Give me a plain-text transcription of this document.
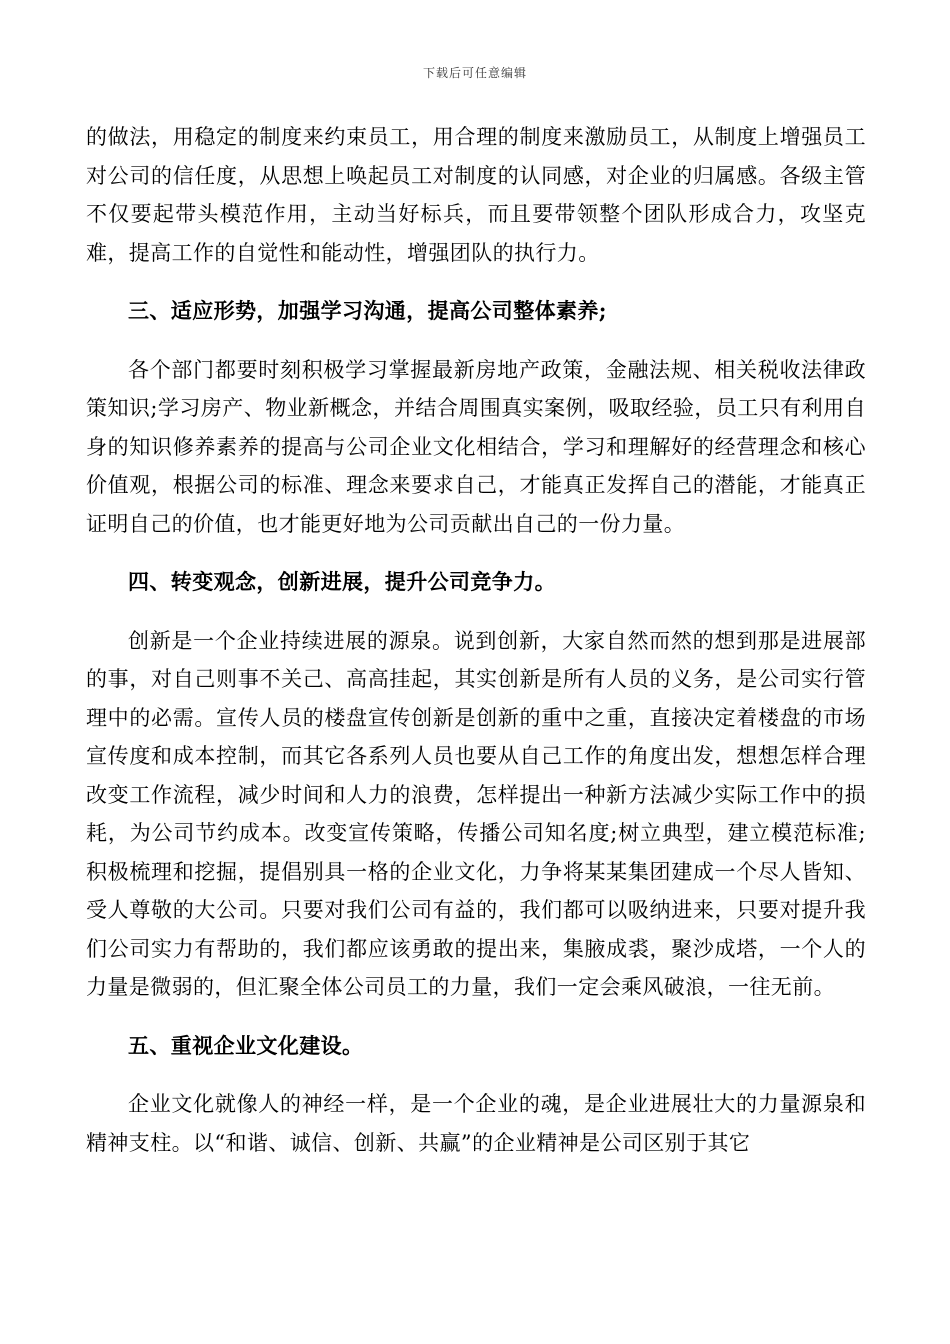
下载后可任意编辑

的做法，用稳定的制度来约束员工，用合理的制度来激励员工，从制度上增强员工对公司的信任度，从思想上唤起员工对制度的认同感，对企业的归属感。各级主管不仅要起带头模范作用，主动当好标兵，而且要带领整个团队形成合力，攻坚克难，提高工作的自觉性和能动性，增强团队的执行力。

三、适应形势，加强学习沟通，提高公司整体素养;

各个部门都要时刻积极学习掌握最新房地产政策，金融法规、相关税收法律政策知识;学习房产、物业新概念，并结合周围真实案例，吸取经验，员工只有利用自身的知识修养素养的提高与公司企业文化相结合，学习和理解好的经营理念和核心价值观，根据公司的标准、理念来要求自己，才能真正发挥自己的潜能，才能真正证明自己的价值，也才能更好地为公司贡献出自己的一份力量。

四、转变观念，创新进展，提升公司竞争力。

创新是一个企业持续进展的源泉。说到创新，大家自然而然的想到那是进展部的事，对自己则事不关己、高高挂起，其实创新是所有人员的义务，是公司实行管理中的必需。宣传人员的楼盘宣传创新是创新的重中之重，直接决定着楼盘的市场宣传度和成本控制，而其它各系列人员也要从自己工作的角度出发，想想怎样合理改变工作流程，减少时间和人力的浪费，怎样提出一种新方法减少实际工作中的损耗，为公司节约成本。改变宣传策略，传播公司知名度;树立典型，建立模范标准;积极梳理和挖掘，提倡别具一格的企业文化，力争将某某集团建成一个尽人皆知、受人尊敬的大公司。只要对我们公司有益的，我们都可以吸纳进来，只要对提升我们公司实力有帮助的，我们都应该勇敢的提出来，集腋成裘，聚沙成塔，一个人的力量是微弱的，但汇聚全体公司员工的力量，我们一定会乘风破浪，一往无前。

五、重视企业文化建设。

企业文化就像人的神经一样，是一个企业的魂，是企业进展壮大的力量源泉和精神支柱。以“和谐、诚信、创新、共赢”的企业精神是公司区别于其它
